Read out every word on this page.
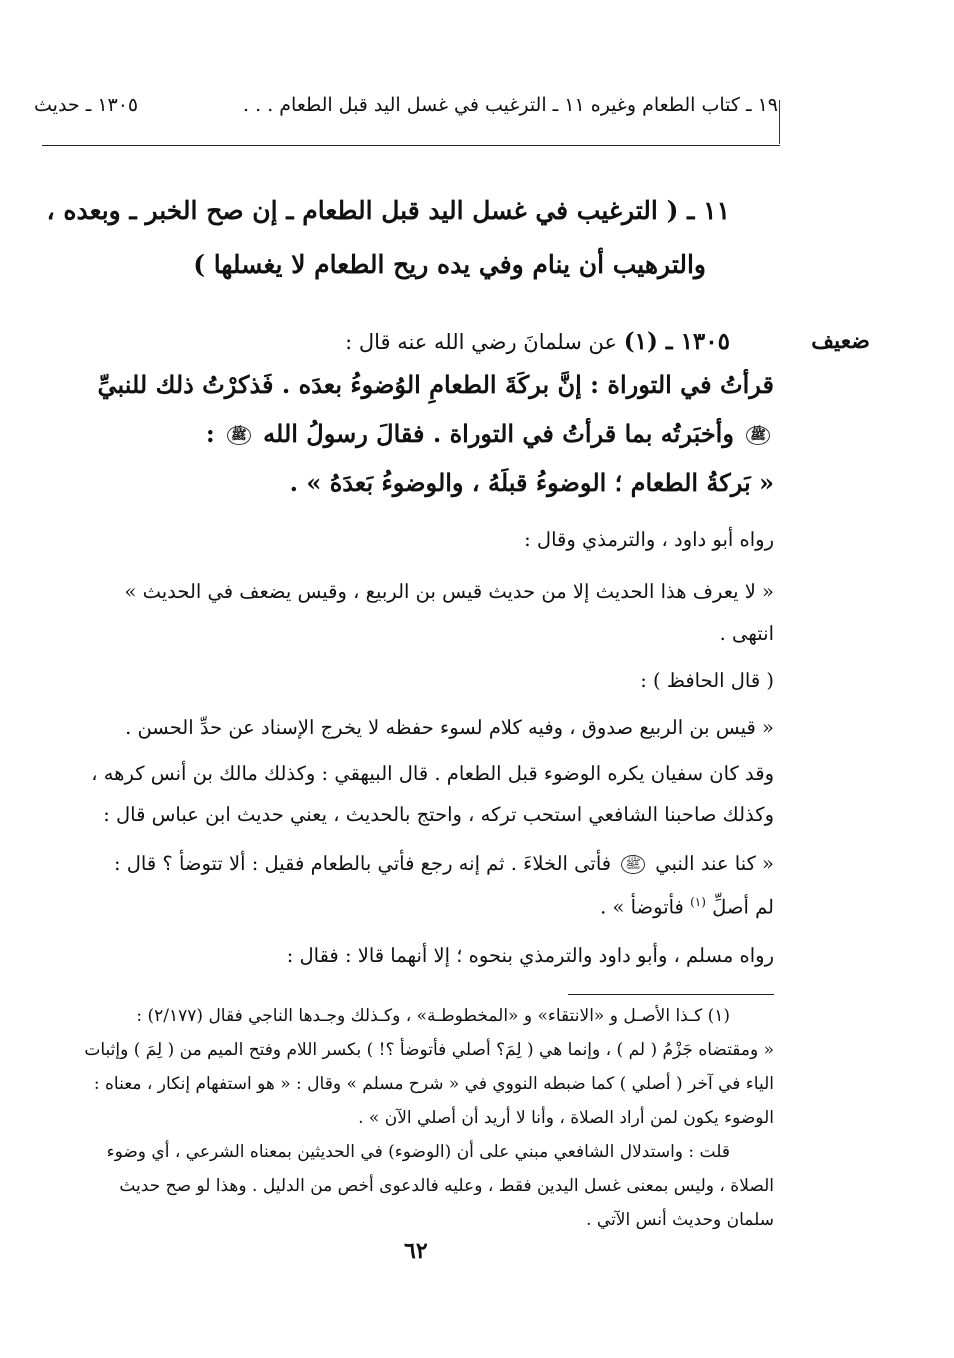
١٩ ـ كتاب الطعام وغيره ١١ ـ الترغيب في غسل اليد قبل الطعام . . .
١٣٠٥ ـ حديث
١١ ـ ( الترغيب في غسل اليد قبل الطعام ـ إن صح الخبر ـ وبعده ،
والترهيب أن ينام وفي يده ريح الطعام لا يغسلها )
ضعيف
١٣٠٥ ـ (١) عن سلمانَ رضي الله عنه قال :
قرأتُ في التوراة : إنَّ بركَةَ الطعامِ الوُضوءُ بعدَه . فَذكرْتُ ذلك للنبيِّ
ﷺ وأخبَرتُه بما قرأتُ في التوراة . فقالَ رسولُ الله ﷺ :
« بَركةُ الطعام ؛ الوضوءُ قبلَهُ ، والوضوءُ بَعدَهُ » .
رواه أبو داود ، والترمذي وقال :
« لا يعرف هذا الحديث إلا من حديث قيس بن الربيع ، وقيس يضعف في الحديث »
انتهى .
( قال الحافظ ) :
« قيس بن الربيع صدوق ، وفيه كلام لسوء حفظه لا يخرج الإسناد عن حدِّ الحسن .
وقد كان سفيان يكره الوضوء قبل الطعام . قال البيهقي : وكذلك مالك بن أنس كرهه ،
وكذلك صاحبنا الشافعي استحب تركه ، واحتج بالحديث ، يعني حديث ابن عباس قال :
« كنا عند النبي ﷺ فأتى الخلاءَ . ثم إنه رجع فأتي بالطعام فقيل : ألا تتوضأ ؟ قال :
لم أصلِّ $^{(١)}$ فأتوضأ » .
رواه مسلم ، وأبو داود والترمذي بنحوه ؛ إلا أنهما قالا : فقال :
(١) كـذا الأصـل و «الانتقاء» و «المخطوطـة» ، وكـذلك وجـدها الناجي فقال (٢/١٧٧) :
« ومقتضاه جَزْمُ ( لم ) ، وإنما هي ( لِمَ؟ أصلي فأتوضأ ؟! ) بكسر اللام وفتح الميم من ( لِمَ ) وإثبات
الياء في آخر ( أصلي ) كما ضبطه النووي في « شرح مسلم » وقال : « هو استفهام إنكار ، معناه :
الوضوء يكون لمن أراد الصلاة ، وأنا لا أريد أن أصلي الآن » .
قلت : واستدلال الشافعي مبني على أن (الوضوء) في الحديثين بمعناه الشرعي ، أي وضوء
الصلاة ، وليس بمعنى غسل اليدين فقط ، وعليه فالدعوى أخص من الدليل . وهذا لو صح حديث
سلمان وحديث أنس الآتي .
٦٢
